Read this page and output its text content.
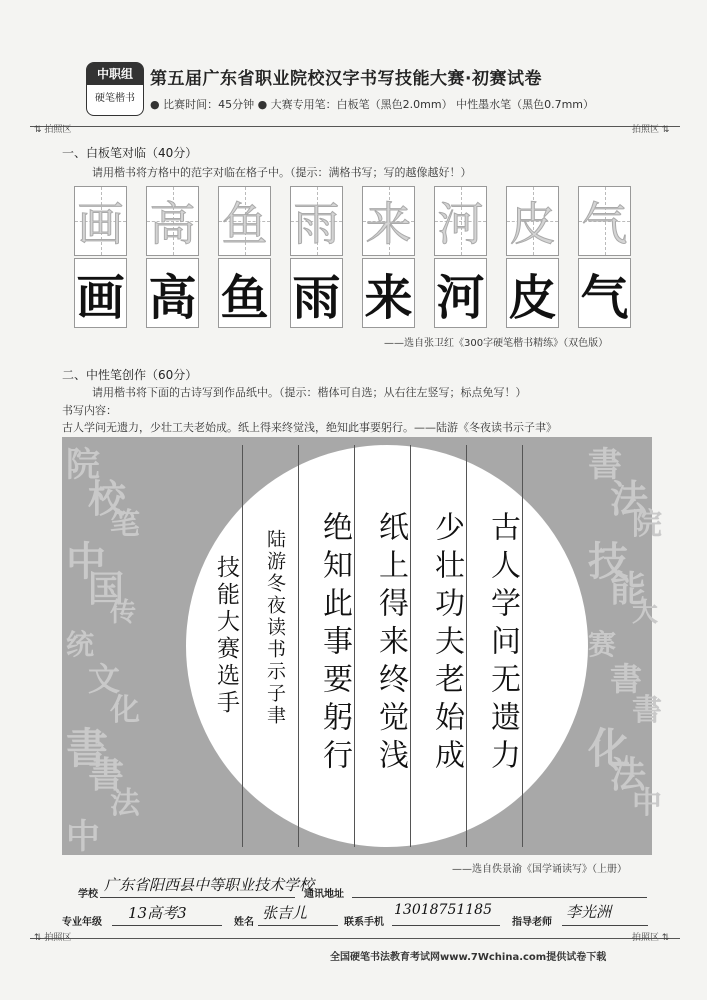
中职组
硬笔楷书
第五届广东省职业院校汉字书写技能大赛·初赛试卷
● 比赛时间：45分钟 ● 大赛专用笔：白板笔（黑色2.0mm） 中性墨水笔（黑色0.7mm）
⇅ 拍照区	拍照区 ⇅
一、白板笔对临（40分）
请用楷书将方格中的范字对临在格子中。（提示：满格书写；写的越像越好！）
画 高 鱼 雨 来 河 皮 气
画 高 鱼 雨 来 河 皮 气
——选自张卫红《300字硬笔楷书精练》（双色版）
二、中性笔创作（60分）
请用楷书将下面的古诗写到作品纸中。（提示：楷体可自选；从右往左竖写；标点免写！）
书写内容：
古人学问无遗力，少壮工夫老始成。纸上得来终觉浅，绝知此事要躬行。——陆游《冬夜读书示子聿》
院
校
笔
中
国
传
统
文
化
書
書
法
中
書
法
院
技
能
大
赛
書
書
化
法
中
古人学问无遗力
少壮功夫老始成
纸上得来终觉浅
绝知此事要躬行
陆游冬夜读书示子聿
技能大赛选手
——选自佚景渝《国学诵读写》（上册）
学校
广东省阳西县中等职业技术学校
通讯地址
专业年级
13高考3
姓名
张吉儿
联系手机
13018751185
指导老师
李光洲
⇅ 拍照区	拍照区 ⇅
全国硬笔书法教育考试网www.7Wchina.com提供试卷下载
